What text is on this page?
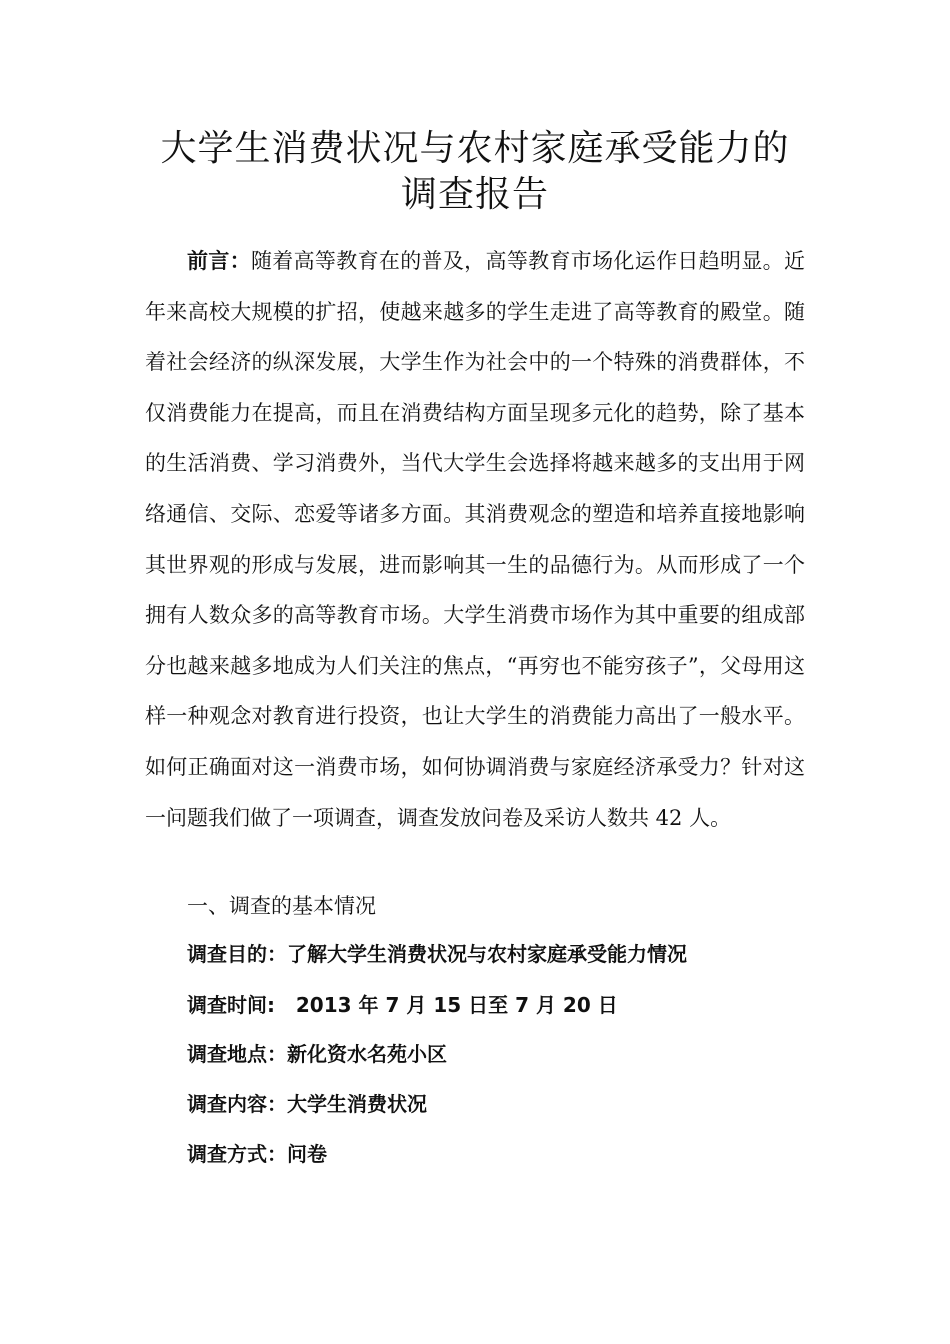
大学生消费状况与农村家庭承受能力的调查报告

前言：随着高等教育在的普及，高等教育市场化运作日趋明显。近年来高校大规模的扩招，使越来越多的学生走进了高等教育的殿堂。随着社会经济的纵深发展，大学生作为社会中的一个特殊的消费群体，不仅消费能力在提高，而且在消费结构方面呈现多元化的趋势，除了基本的生活消费、学习消费外，当代大学生会选择将越来越多的支出用于网络通信、交际、恋爱等诸多方面。其消费观念的塑造和培养直接地影响其世界观的形成与发展，进而影响其一生的品德行为。从而形成了一个拥有人数众多的高等教育市场。大学生消费市场作为其中重要的组成部分也越来越多地成为人们关注的焦点，“再穷也不能穷孩子”，父母用这样一种观念对教育进行投资，也让大学生的消费能力高出了一般水平。如何正确面对这一消费市场，如何协调消费与家庭经济承受力？针对这一问题我们做了一项调查，调查发放问卷及采访人数共 42 人。

一、调查的基本情况

调查目的：了解大学生消费状况与农村家庭承受能力情况

调查时间:   2013 年 7 月 15 日至 7 月 20 日

调查地点：新化资水名苑小区

调查内容：大学生消费状况

调查方式：问卷
